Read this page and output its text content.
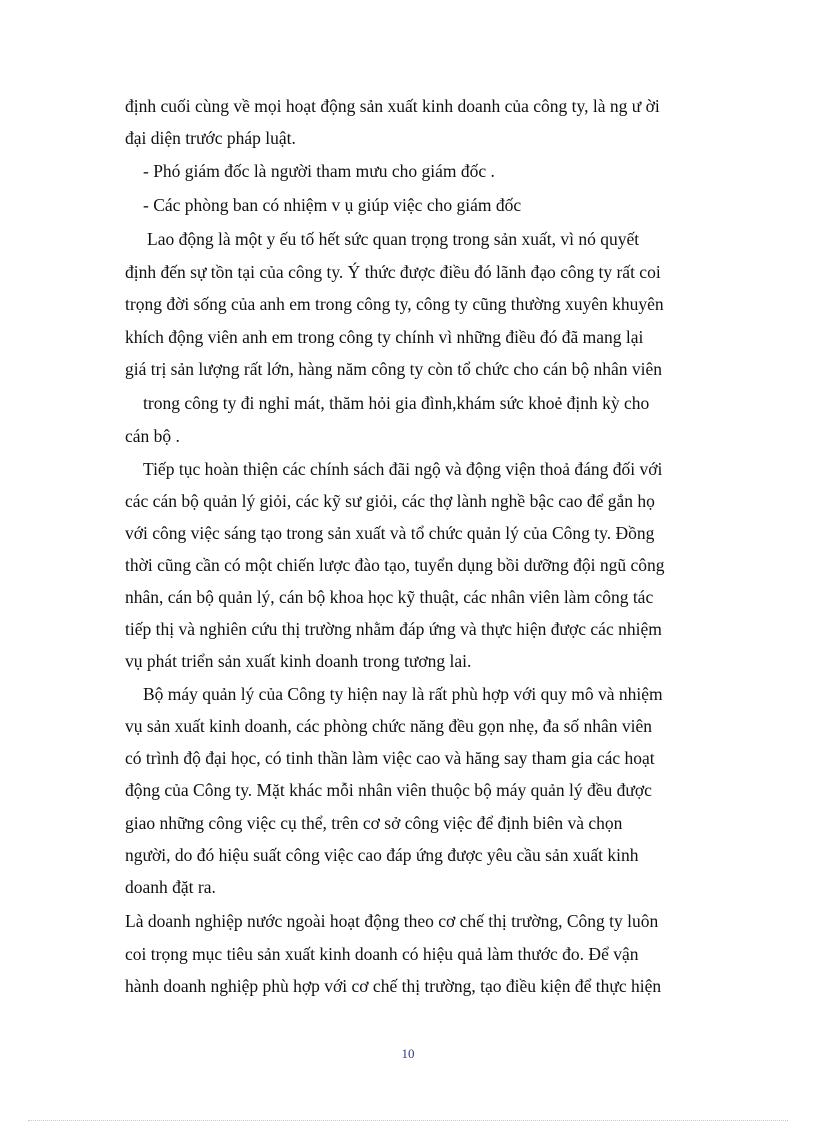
định cuối cùng về mọi hoạt động sản xuất kinh doanh của công ty, là ng ư ời
đại diện trước pháp luật.
- Phó giám đốc là người tham mưu cho giám đốc .
- Các phòng ban có nhiệm v ụ giúp việc cho giám đốc
Lao động là một y ếu tố hết sức quan trọng trong sản xuất, vì nó quyết
định đến sự tồn tại của công ty. Ý thức được điều đó lãnh đạo công ty rất coi
trọng đời sống của anh em trong công ty, công ty cũng thường xuyên khuyên
khích động viên anh em trong công ty chính vì những điều đó đã mang lại
giá trị sản lượng rất lớn, hàng năm công ty còn tổ chức cho cán bộ nhân viên
trong công ty đi nghỉ mát, thăm hỏi gia đình,khám sức khoẻ định kỳ cho
cán bộ .
Tiếp tục hoàn thiện các chính sách đãi ngộ và động viện thoả đáng đối với
các cán bộ quản lý giỏi, các kỹ sư giỏi, các thợ lành nghề bậc cao để gắn họ
với công việc sáng tạo trong sản xuất và tổ chức quản lý của Công ty. Đồng
thời cũng cần có một chiến lược đào tạo, tuyển dụng bồi dưỡng đội ngũ công
nhân, cán bộ quản lý, cán bộ khoa học kỹ thuật, các nhân viên làm công tác
tiếp thị và nghiên cứu thị trường nhằm đáp ứng và thực hiện được các nhiệm
vụ phát triển sản xuất kinh doanh trong tương lai.
Bộ máy quản lý của Công ty hiện nay là rất phù hợp với quy mô và nhiệm
vụ sản xuất kinh doanh, các phòng chức năng đều gọn nhẹ, đa số nhân viên
có trình độ đại học, có tinh thần làm việc cao và hăng say tham gia các hoạt
động của Công ty. Mặt khác mỗi nhân viên thuộc bộ máy quản lý đều được
giao những công việc cụ thể, trên cơ sở công việc để định biên và chọn
người, do đó hiệu suất công việc cao đáp ứng được yêu cầu sản xuất kinh
doanh đặt ra.
Là doanh nghiệp nước ngoài hoạt động theo cơ chế thị trường, Công ty luôn
coi trọng mục tiêu sản xuất kinh doanh có hiệu quả làm thước đo. Để vận
hành doanh nghiệp phù hợp với cơ chế thị trường, tạo điều kiện để thực hiện
10
